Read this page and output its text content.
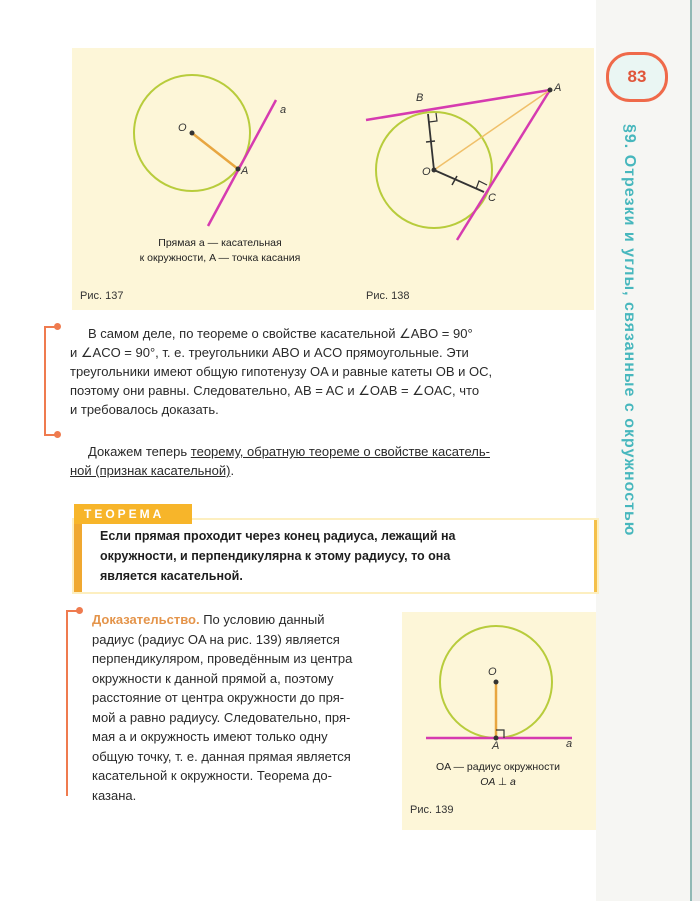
83
§9. Отрезки и углы, связанные с окружностью
O
A
a
Прямая a — касательная
к окружности, A — точка касания
Рис. 137
A
B
C
O
Рис. 138
В самом деле, по теореме о свойстве касательной ∠ABO = 90°
и ∠ACO = 90°, т. е. треугольники ABO и ACO прямоугольные. Эти
треугольники имеют общую гипотенузу OA и равные катеты OB и OC,
поэтому они равны. Следовательно, AB = AC и ∠OAB = ∠OAC, что
и требовалось доказать.
Докажем теперь теорему, обратную теореме о свойстве касатель-
ной (признак касательной).
ТЕОРЕМА
Если прямая проходит через конец радиуса, лежащий на
окружности, и перпендикулярна к этому радиусу, то она
является касательной.
Доказательство. По условию данный
радиус (радиус OA на рис. 139) является
перпендикуляром, проведённым из центра
окружности к данной прямой a, поэтому
расстояние от центра окружности до пря-
мой a равно радиусу. Следовательно, пря-
мая a и окружность имеют только одну
общую точку, т. е. данная прямая является
касательной к окружности. Теорема до-
казана.
O
A	a
OA — радиус окружности
OA ⊥ a
Рис. 139
